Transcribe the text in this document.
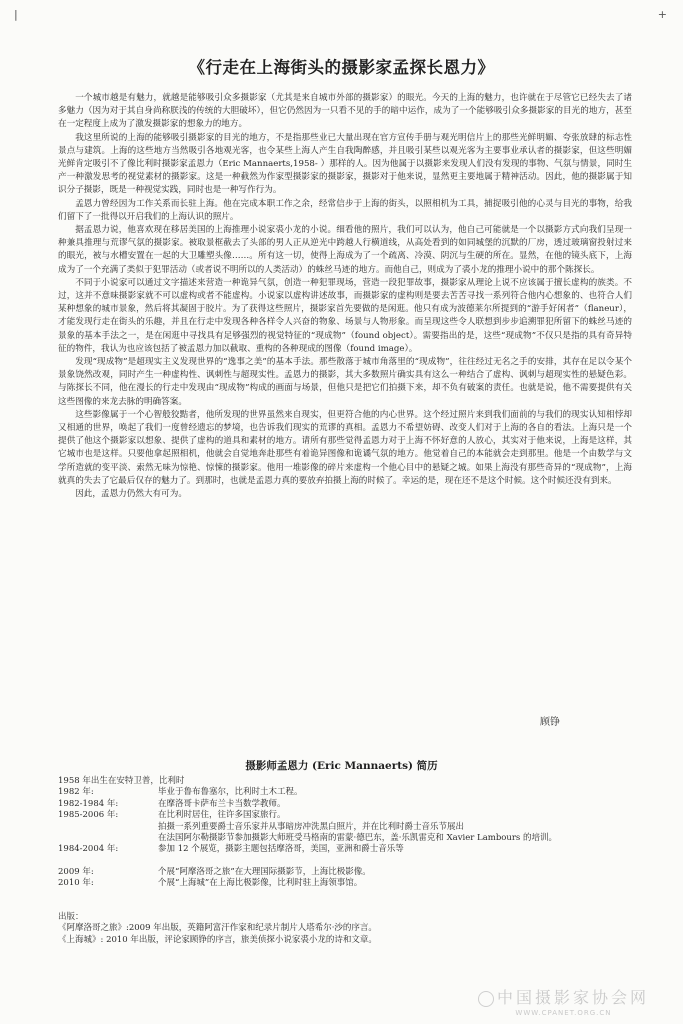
|	+
《行走在上海街头的摄影家孟探长恩力》

一个城市越是有魅力，就越是能够吸引众多摄影家（尤其是来自城市外部的摄影家）的眼光。今天的上海的魅力，也许就在于尽管它已经失去了诸多魅力（因为对于其自身尚称朕浅的传统的大胆破坏），但它仍然因为一只看不见的手的暗中运作，成为了一个能够吸引众多摄影家的目光的地方，甚至在一定程度上成为了激发摄影家的想象力的地方。

我这里所说的上海的能够吸引摄影家的目光的地方，不是指那些业已大量出现在官方宣传手册与观光明信片上的那些光鲜明媚、夸张放肆的标志性景点与建筑。上海的这些地方当然吸引各地观光客，也令某些上海人产生自我陶醉感，并且吸引某些以观光客为主要事业承认者的摄影家，但这些明媚光鲜肯定吸引不了像比利时摄影家孟恩力（Eric Mannaerts,1958- ）那样的人。因为他属于以摄影来发现人们没有发现的事物、气氛与情景，同时生产一种激发思考的视觉素材的摄影家。这是一种截然为作家型摄影家的摄影家，摄影对于他来说，显然更主要地属于精神活动。因此，他的摄影属于知识分子摄影，既是一种视觉实践，同时也是一种写作行为。

孟恩力曾经因为工作关系而长驻上海。他在完成本职工作之余，经常信步于上海的街头，以照相机为工具，捕捉吸引他的心灵与目光的事物，给我们留下了一批得以开启我们的上海认识的照片。

据孟恩力说，他喜欢现在移居美国的上海推理小说家裘小龙的小说。细看他的照片，我们可以认为，他自己可能就是一个以摄影方式向我们呈现一种兼具推理与荒谬气氛的摄影家。被取景框截去了头部的男人正从逆光中跨越人行横道线，从高处看到的如同城堡的沉默的厂房，透过玻璃窗投射过来的眼光，被与水槽安置在一起的大卫雕塑头像……。所有这一切，使得上海成为了一个疏离、冷漠、阴沉与生硬的所在。显然，在他的镜头底下，上海成为了一个充满了类似于犯罪活动（或者说不明所以的人类活动）的蛛丝马迹的地方。而他自己，则成为了裘小龙的推理小说中的那个陈探长。

不同于小说家可以通过文字描述来营造一种诡异气氛，创造一种犯罪现场，营造一段犯罪故事，摄影家从理论上说不应该属于擅长虚构的族类。不过，这并不意味摄影家就不可以虚构或者不能虚构。小说家以虚构讲述故事，而摄影家的虚构则是要去苦苦寻找一系列符合他内心想象的、也符合人们某种想象的城市景象，然后将其凝固于胶片。为了获得这些照片，摄影家首先要做的是闲逛。他只有成为波德莱尔所提到的“游手好闲者”（flaneur），才能发现行走在街头的乐趣，并且在行走中发现各种各样令人兴奋的物象、场景与人物形象。而呈现这些令人联想到步步追溯罪犯所留下的蛛丝马迹的景象的基本手法之一，是在闲逛中寻找具有足够强烈的视觉特征的“现成物”（found object）。需要指出的是，这些“现成物”不仅只是指的具有奇异特征的物件，我认为也应该包括了被孟恩力加以截取、重构的各种现成的图像（found image）。

发现“现成物”是超现实主义发现世界的“逸事之美”的基本手法。那些散落于城市角落里的“现成物”，往往经过无名之手的安排，其存在足以令某个景象饶然改观，同时产生一种虚构性、讽刺性与超现实性。孟恩力的摄影，其大多数照片确实具有这么一种结合了虚构、讽刺与超现实性的悬疑色彩。与陈探长不同，他在漫长的行走中发现由“现成物”构成的画面与场景，但他只是把它们拍摄下来，却不负有破案的责任。也就是说，他不需要提供有关这些图像的来龙去脉的明确答案。

这些影像属于一个心智般狡黠者，他所发现的世界虽然来自现实，但更符合他的内心世界。这个经过照片来到我们面前的与我们的现实认知相悖却又相通的世界，唤起了我们一度曾经遗忘的梦境，也告诉我们现实的荒谬的真相。孟恩力不希望妨碍、改变人们对于上海的各自的看法。上海只是一个提供了他这个摄影家以想象、提供了虚构的道具和素材的地方。请所有那些觉得孟恩力对于上海不怀好意的人放心，其实对于他来说，上海是这样，其它城市也是这样。只要他拿起照相机，他就会自觉地奔赴那些有着诡异图像和诡谲气氛的地方。他觉着自己的本能就会走到那里。他是一个由数学与文学所造就的变平淡、索然无味为惊艳、惊悚的摄影家。他用一堆影像的碎片来虚构一个他心目中的悬疑之城。如果上海没有那些奇异的“现成物”，上海就真的失去了它最后仅存的魅力了。到那时，也就是孟恩力真的要放弃拍摄上海的时候了。幸运的是，现在还不是这个时候。这个时候还没有到来。

因此，孟恩力仍然大有可为。

顾铮
摄影师孟恩力 (Eric Mannaerts) 简历
1958 年出生在安特卫普，比利时
1982 年:	毕业于鲁布鲁塞尔，比利时土木工程。
1982-1984 年:	在摩洛哥卡萨布兰卡当数学教师。
1985-2006 年:	在比利时居住，往许多国家旅行。
拍摄一系列重要爵士音乐家并从事暗房冲洗黑白照片，并在比利时爵士音乐节展出
在法国阿尔勒摄影节参加摄影大师班受马格南的雷蒙·德巴东，盖·乐凯雷克和 Xavier Lambours 的培训。
1984-2004 年:	参加 12 个展览，摄影主题包括摩洛哥，美国，亚洲和爵士音乐等
2009 年:	个展“阿摩洛哥之旅”在大理国际摄影节，上海比极影像。
2010 年:	个展“上海城”在上海比极影像，比利时驻上海领事馆。
出版：
《阿摩洛哥之旅》:2009 年出版，英籍阿富汗作家和纪录片制片人塔希尔·沙的序言。
《上海城》: 2010 年出版，评论家顾铮的序言，旅美侦探小说家裘小龙的诗和文章。
中国摄影家协会网
WWW.CPANET.ORG.CN
